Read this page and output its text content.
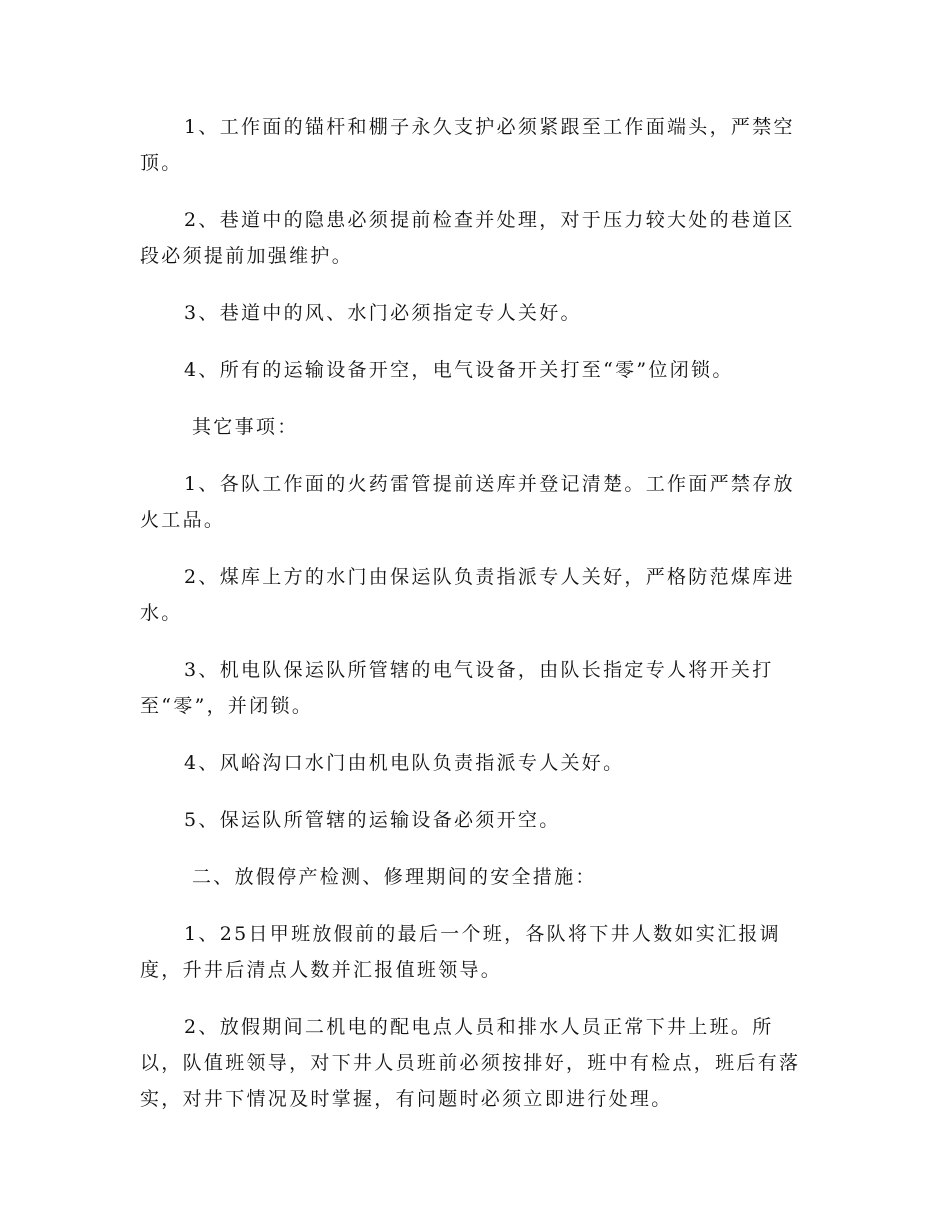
1、工作面的锚杆和棚子永久支护必须紧跟至工作面端头，严禁空顶。

2、巷道中的隐患必须提前检查并处理，对于压力较大处的巷道区段必须提前加强维护。

3、巷道中的风、水门必须指定专人关好。

4、所有的运输设备开空，电气设备开关打至“零”位闭锁。

其它事项：

1、各队工作面的火药雷管提前送库并登记清楚。工作面严禁存放火工品。

2、煤库上方的水门由保运队负责指派专人关好，严格防范煤库进水。

3、机电队保运队所管辖的电气设备，由队长指定专人将开关打至“零”，并闭锁。

4、风峪沟口水门由机电队负责指派专人关好。

5、保运队所管辖的运输设备必须开空。

二、放假停产检测、修理期间的安全措施：

1、25日甲班放假前的最后一个班，各队将下井人数如实汇报调度，升井后清点人数并汇报值班领导。

2、放假期间二机电的配电点人员和排水人员正常下井上班。所以，队值班领导，对下井人员班前必须按排好，班中有检点，班后有落实，对井下情况及时掌握，有问题时必须立即进行处理。
